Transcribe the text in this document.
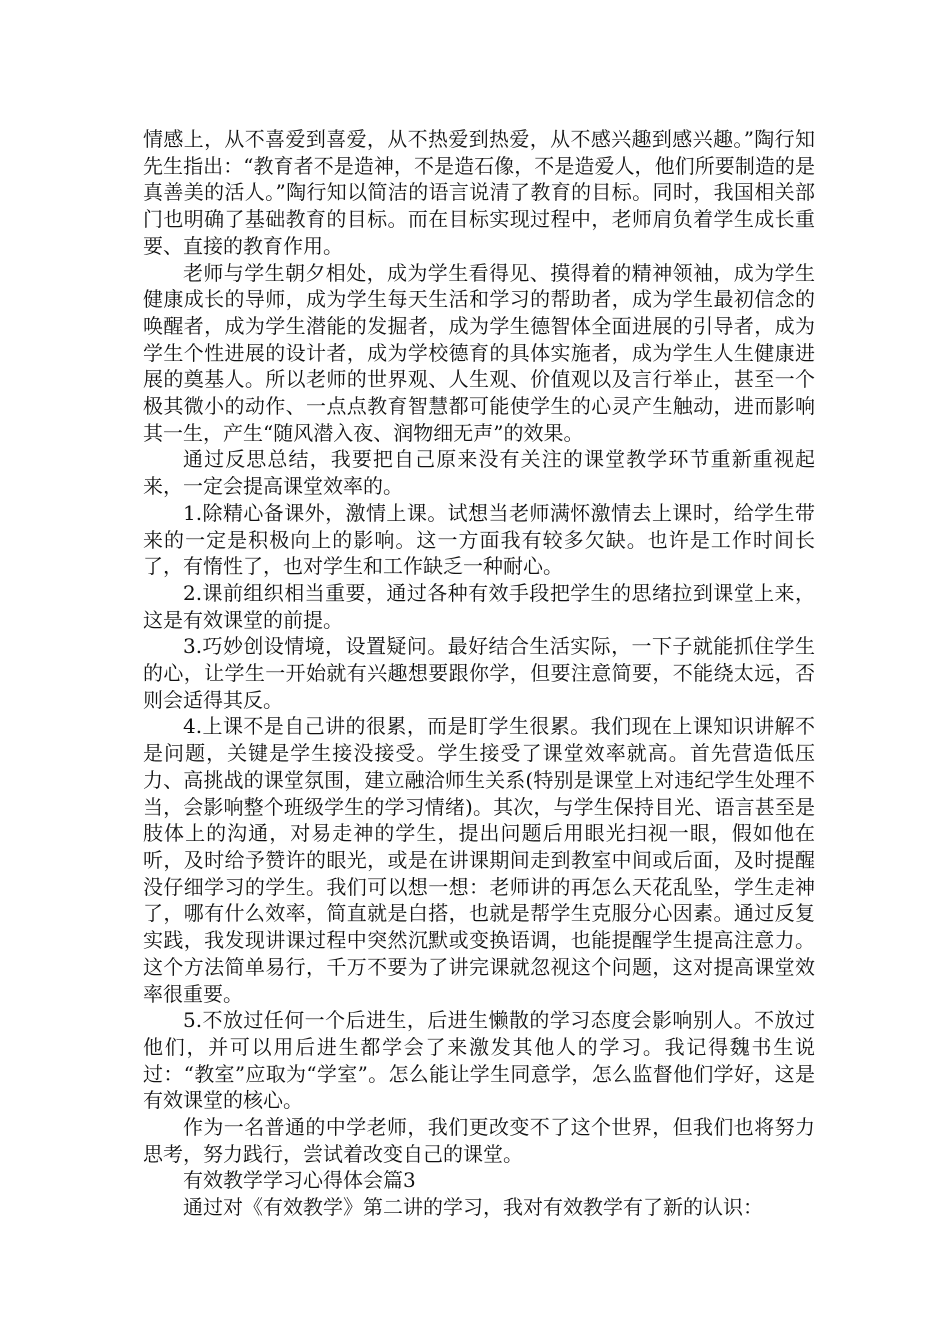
情感上，从不喜爱到喜爱，从不热爱到热爱，从不感兴趣到感兴趣。”陶行知先生指出：“教育者不是造神，不是造石像，不是造爱人，他们所要制造的是真善美的活人。”陶行知以简洁的语言说清了教育的目标。同时，我国相关部门也明确了基础教育的目标。而在目标实现过程中，老师肩负着学生成长重要、直接的教育作用。

老师与学生朝夕相处，成为学生看得见、摸得着的精神领袖，成为学生健康成长的导师，成为学生每天生活和学习的帮助者，成为学生最初信念的唤醒者，成为学生潜能的发掘者，成为学生德智体全面进展的引导者，成为学生个性进展的设计者，成为学校德育的具体实施者，成为学生人生健康进展的奠基人。所以老师的世界观、人生观、价值观以及言行举止，甚至一个极其微小的动作、一点点教育智慧都可能使学生的心灵产生触动，进而影响其一生，产生“随风潜入夜、润物细无声”的效果。

通过反思总结，我要把自己原来没有关注的课堂教学环节重新重视起来，一定会提高课堂效率的。

1.除精心备课外，激情上课。试想当老师满怀激情去上课时，给学生带来的一定是积极向上的影响。这一方面我有较多欠缺。也许是工作时间长了，有惰性了，也对学生和工作缺乏一种耐心。

2.课前组织相当重要，通过各种有效手段把学生的思绪拉到课堂上来，这是有效课堂的前提。

3.巧妙创设情境，设置疑问。最好结合生活实际，一下子就能抓住学生的心，让学生一开始就有兴趣想要跟你学，但要注意简要，不能绕太远，否则会适得其反。

4.上课不是自己讲的很累，而是盯学生很累。我们现在上课知识讲解不是问题，关键是学生接没接受。学生接受了课堂效率就高。首先营造低压力、高挑战的课堂氛围，建立融洽师生关系(特别是课堂上对违纪学生处理不当，会影响整个班级学生的学习情绪)。其次，与学生保持目光、语言甚至是肢体上的沟通，对易走神的学生，提出问题后用眼光扫视一眼，假如他在听，及时给予赞许的眼光，或是在讲课期间走到教室中间或后面，及时提醒没仔细学习的学生。我们可以想一想：老师讲的再怎么天花乱坠，学生走神了，哪有什么效率，简直就是白搭，也就是帮学生克服分心因素。通过反复实践，我发现讲课过程中突然沉默或变换语调，也能提醒学生提高注意力。这个方法简单易行，千万不要为了讲完课就忽视这个问题，这对提高课堂效率很重要。

5.不放过任何一个后进生，后进生懒散的学习态度会影响别人。不放过他们，并可以用后进生都学会了来激发其他人的学习。我记得魏书生说过：“教室”应取为“学室”。怎么能让学生同意学，怎么监督他们学好，这是有效课堂的核心。

作为一名普通的中学老师，我们更改变不了这个世界，但我们也将努力思考，努力践行，尝试着改变自己的课堂。

有效教学学习心得体会篇3

通过对《有效教学》第二讲的学习，我对有效教学有了新的认识：
